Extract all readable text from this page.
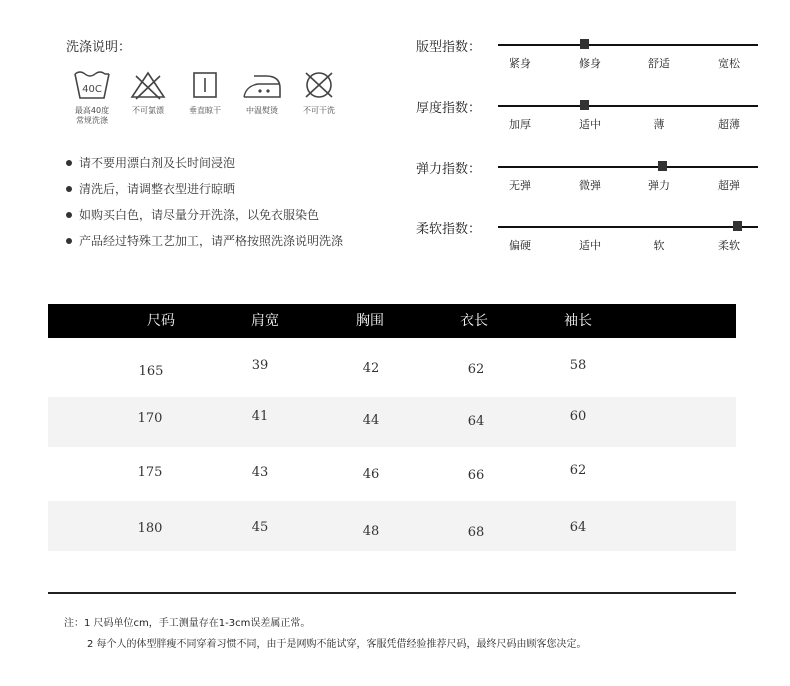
洗涤说明：
40C
最高40度
常规洗涤
不可氯漂	垂直晾干	中温熨烫	不可干洗
请不要用漂白剂及长时间浸泡
清洗后，请调整衣型进行晾晒
如购买白色，请尽量分开洗涤，以免衣服染色
产品经过特殊工艺加工，请严格按照洗涤说明洗涤
版型指数：
紧身	修身	舒适	宽松
厚度指数：
加厚	适中	薄	超薄
弹力指数：
无弹	微弹	弹力	超弹
柔软指数：
偏硬	适中	软	柔软
尺码	肩宽	胸围	衣长	袖长
165	39	42	62	58
170	41	44	64	60
175	43	46	66	62
180	45	48	68	64
注：1 尺码单位cm，手工测量存在1-3cm误差属正常。
2 每个人的体型胖瘦不同穿着习惯不同，由于是网购不能试穿，客服凭借经验推荐尺码，最终尺码由顾客您决定。
